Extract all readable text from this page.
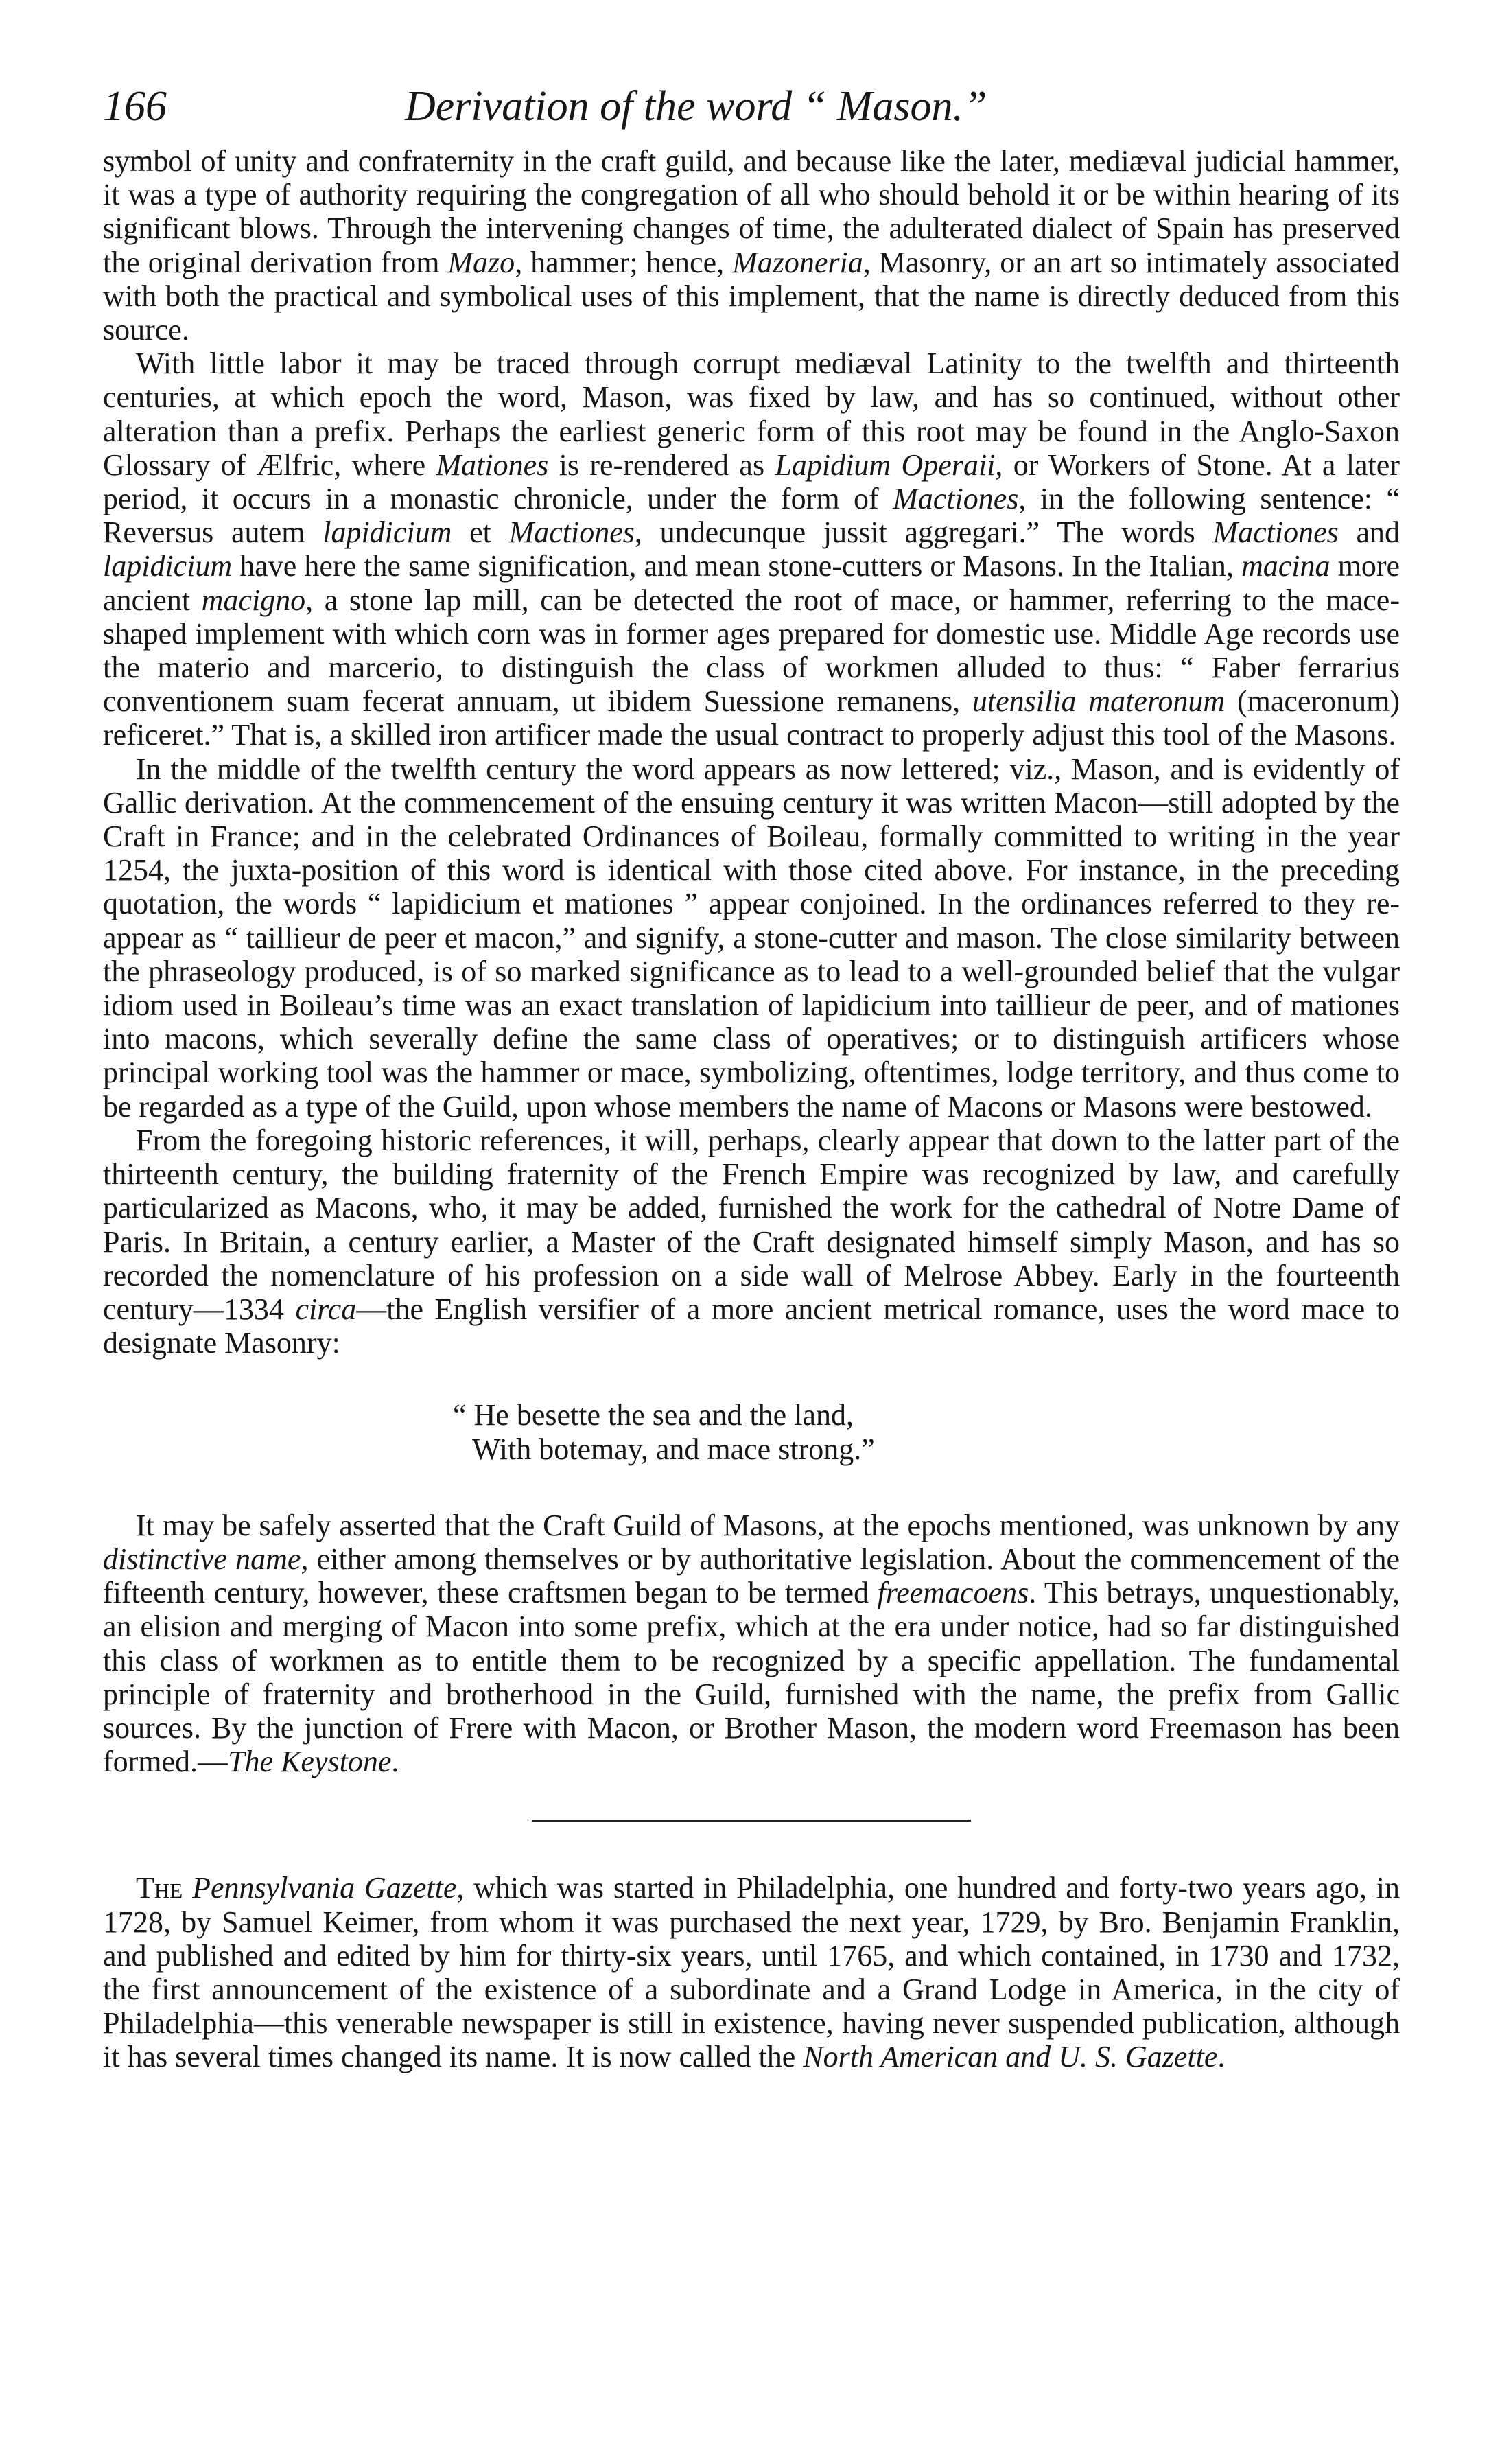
166	Derivation of the word “ Mason.”

symbol of unity and confraternity in the craft guild, and because like the later, mediæval judicial hammer, it was a type of authority requiring the congregation of all who should behold it or be within hearing of its significant blows. Through the intervening changes of time, the adulterated dialect of Spain has preserved the original derivation from Mazo, hammer; hence, Mazoneria, Masonry, or an art so intimately associated with both the practical and symbolical uses of this implement, that the name is directly deduced from this source.

With little labor it may be traced through corrupt mediæval Latinity to the twelfth and thirteenth centuries, at which epoch the word, Mason, was fixed by law, and has so continued, without other alteration than a prefix. Perhaps the earliest generic form of this root may be found in the Anglo-Saxon Glossary of Ælfric, where Mationes is re-rendered as Lapidium Operaii, or Workers of Stone. At a later period, it occurs in a monastic chronicle, under the form of Mactiones, in the following sentence: “ Reversus autem lapidicium et Mactiones, undecunque jussit aggregari.” The words Mactiones and lapidicium have here the same signification, and mean stone-cutters or Masons. In the Italian, macina more ancient macigno, a stone lap mill, can be detected the root of mace, or hammer, referring to the mace-shaped implement with which corn was in former ages prepared for domestic use. Middle Age records use the materio and marcerio, to distinguish the class of workmen alluded to thus: “ Faber ferrarius conventionem suam fecerat annuam, ut ibidem Suessione remanens, utensilia materonum (maceronum) reficeret.” That is, a skilled iron artificer made the usual contract to properly adjust this tool of the Masons.

In the middle of the twelfth century the word appears as now lettered; viz., Mason, and is evidently of Gallic derivation. At the commencement of the ensuing century it was written Macon—still adopted by the Craft in France; and in the celebrated Ordinances of Boileau, formally committed to writing in the year 1254, the juxta-position of this word is identical with those cited above. For instance, in the preceding quotation, the words “ lapidicium et mationes ” appear conjoined. In the ordinances referred to they re-appear as “ taillieur de peer et macon,” and signify, a stone-cutter and mason. The close similarity between the phraseology produced, is of so marked significance as to lead to a well-grounded belief that the vulgar idiom used in Boileau’s time was an exact translation of lapidicium into taillieur de peer, and of mationes into macons, which severally define the same class of operatives; or to distinguish artificers whose principal working tool was the hammer or mace, symbolizing, oftentimes, lodge territory, and thus come to be regarded as a type of the Guild, upon whose members the name of Macons or Masons were bestowed.

From the foregoing historic references, it will, perhaps, clearly appear that down to the latter part of the thirteenth century, the building fraternity of the French Empire was recognized by law, and carefully particularized as Macons, who, it may be added, furnished the work for the cathedral of Notre Dame of Paris. In Britain, a century earlier, a Master of the Craft designated himself simply Mason, and has so recorded the nomenclature of his profession on a side wall of Melrose Abbey. Early in the fourteenth century—1334 circa—the English versifier of a more ancient metrical romance, uses the word mace to designate Masonry:

“ He besette the sea and the land,
With botemay, and mace strong.”

It may be safely asserted that the Craft Guild of Masons, at the epochs mentioned, was unknown by any distinctive name, either among themselves or by authoritative legislation. About the commencement of the fifteenth century, however, these craftsmen began to be termed freemacoens. This betrays, unquestionably, an elision and merging of Macon into some prefix, which at the era under notice, had so far distinguished this class of workmen as to entitle them to be recognized by a specific appellation. The fundamental principle of fraternity and brotherhood in the Guild, furnished with the name, the prefix from Gallic sources. By the junction of Frere with Macon, or Brother Mason, the modern word Freemason has been formed.—The Keystone.

The Pennsylvania Gazette, which was started in Philadelphia, one hundred and forty-two years ago, in 1728, by Samuel Keimer, from whom it was purchased the next year, 1729, by Bro. Benjamin Franklin, and published and edited by him for thirty-six years, until 1765, and which contained, in 1730 and 1732, the first announcement of the existence of a subordinate and a Grand Lodge in America, in the city of Philadelphia—this venerable newspaper is still in existence, having never suspended publication, although it has several times changed its name. It is now called the North American and U. S. Gazette.
